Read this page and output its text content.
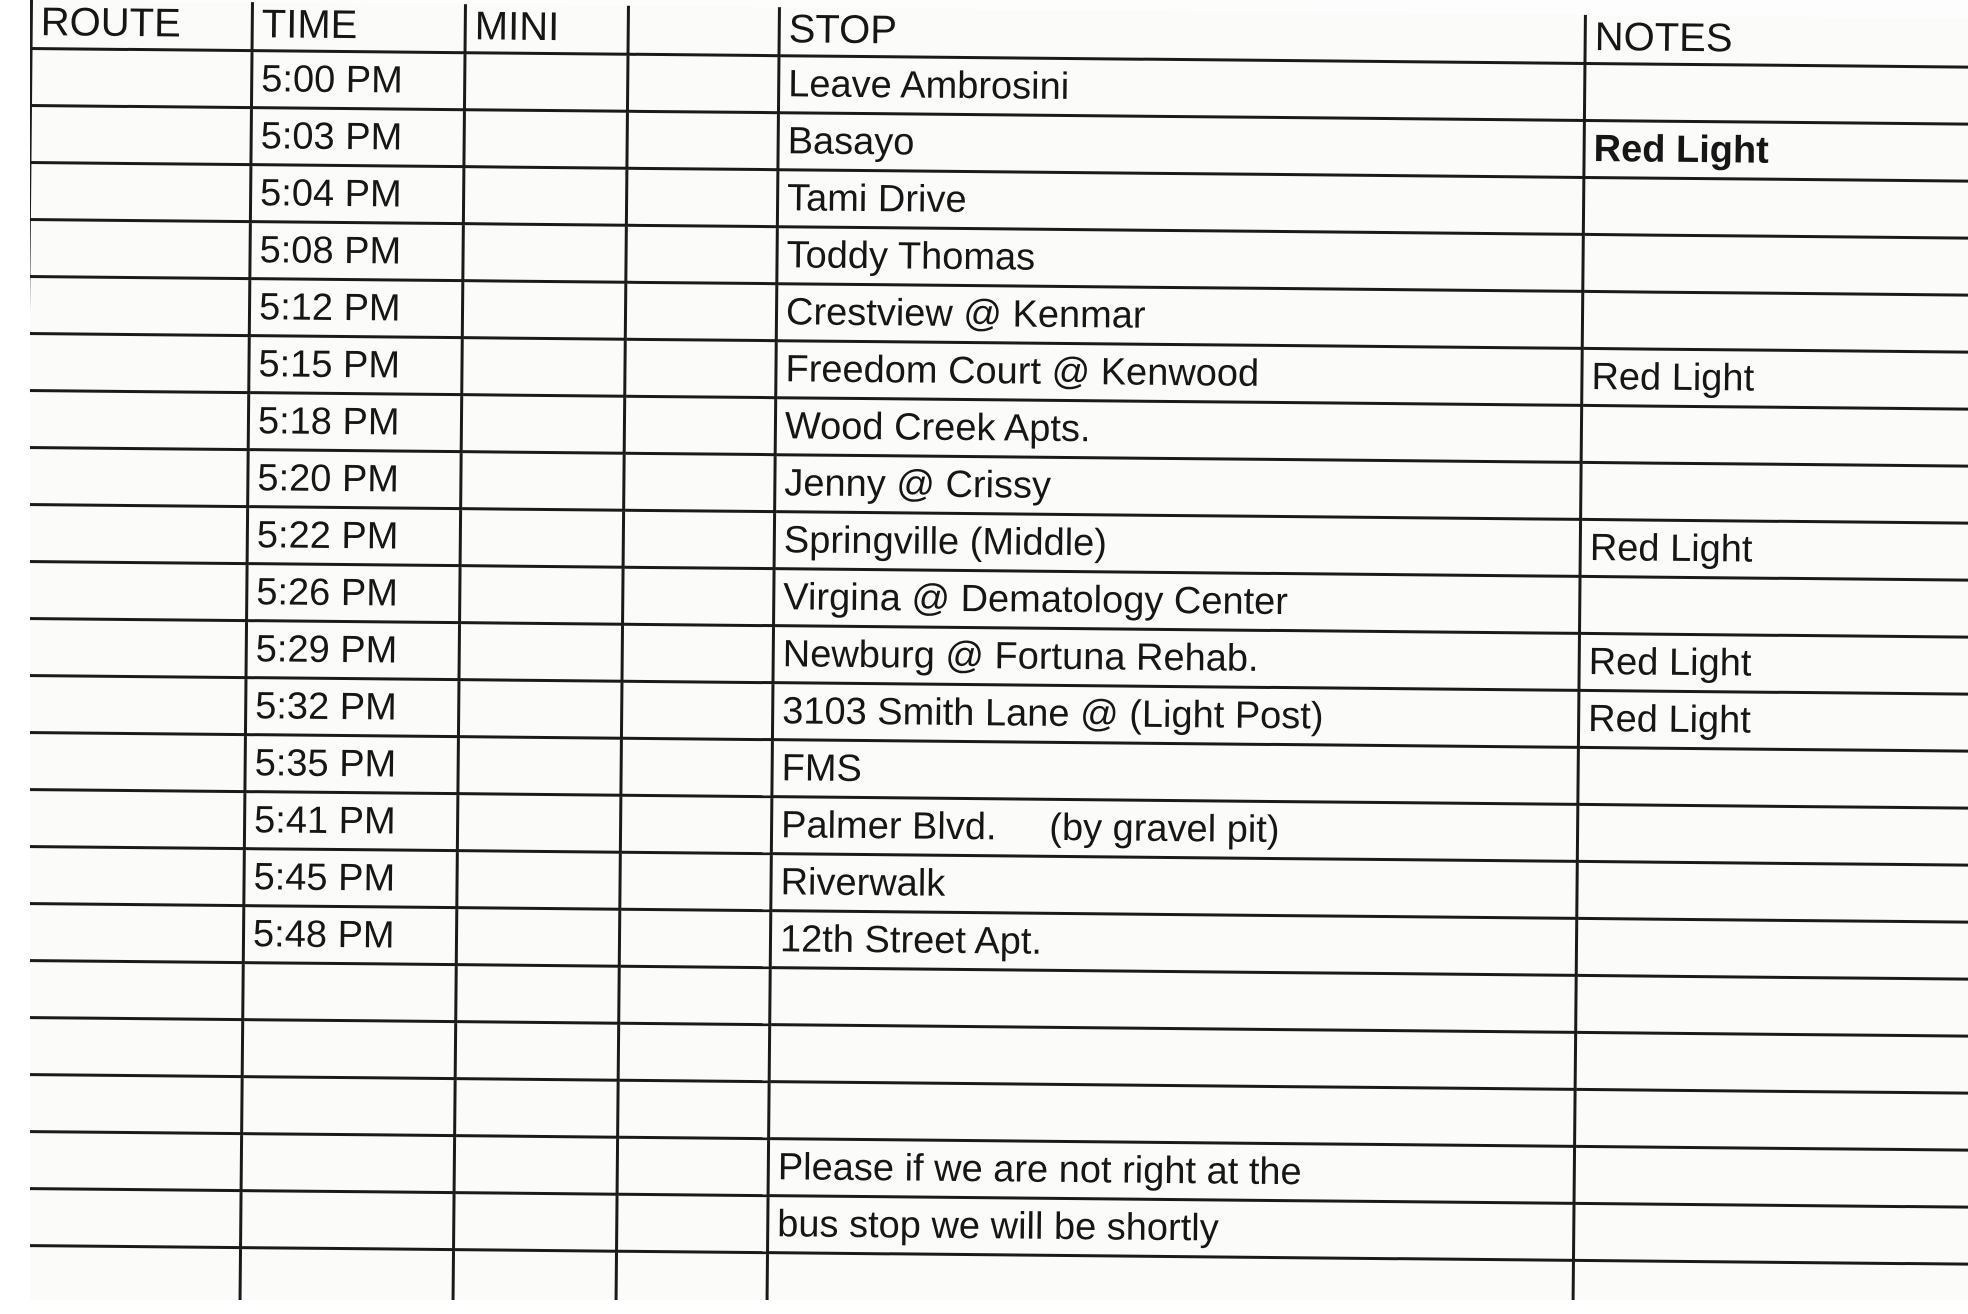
ROUTE	TIME	MINI		STOP	NOTES
	5:00 PM			Leave Ambrosini	
	5:03 PM			Basayo	Red Light
	5:04 PM			Tami Drive	
	5:08 PM			Toddy Thomas	
	5:12 PM			Crestview @ Kenmar	
	5:15 PM			Freedom Court @ Kenwood	Red Light
	5:18 PM			Wood Creek Apts.	
	5:20 PM			Jenny @ Crissy	
	5:22 PM			Springville (Middle)	Red Light
	5:26 PM			Virgina @ Dematology Center	
	5:29 PM			Newburg @ Fortuna Rehab.	Red Light
	5:32 PM			3103 Smith Lane @ (Light Post)	Red Light
	5:35 PM			FMS	
	5:41 PM			Palmer Blvd.     (by gravel pit)	
	5:45 PM			Riverwalk	
	5:48 PM			12th Street Apt.	

				Please if we are not right at the	
				bus stop we will be shortly	
